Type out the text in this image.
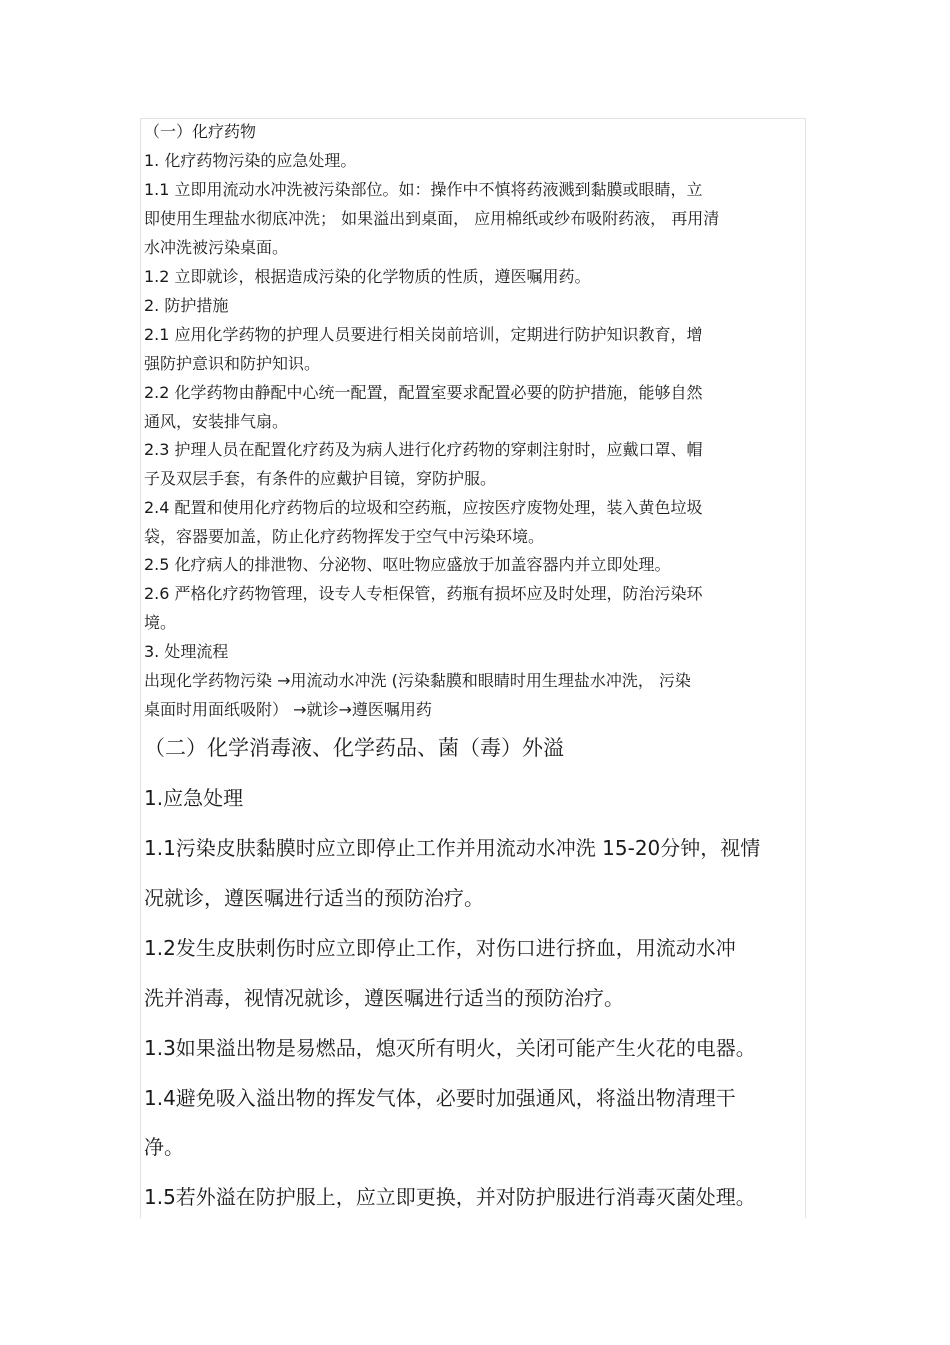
（一）化疗药物
1. 化疗药物污染的应急处理。
1.1 立即用流动水冲洗被污染部位。如：操作中不慎将药液溅到黏膜或眼睛，立
即使用生理盐水彻底冲洗； 如果溢出到桌面， 应用棉纸或纱布吸附药液， 再用清
水冲洗被污染桌面。
1.2 立即就诊，根据造成污染的化学物质的性质，遵医嘱用药。
2. 防护措施
2.1 应用化学药物的护理人员要进行相关岗前培训，定期进行防护知识教育，增
强防护意识和防护知识。
2.2 化学药物由静配中心统一配置，配置室要求配置必要的防护措施，能够自然
通风，安装排气扇。
2.3 护理人员在配置化疗药及为病人进行化疗药物的穿刺注射时，应戴口罩、帽
子及双层手套，有条件的应戴护目镜，穿防护服。
2.4 配置和使用化疗药物后的垃圾和空药瓶，应按医疗废物处理，装入黄色垃圾
袋，容器要加盖，防止化疗药物挥发于空气中污染环境。
2.5 化疗病人的排泄物、分泌物、呕吐物应盛放于加盖容器内并立即处理。
2.6 严格化疗药物管理，设专人专柜保管，药瓶有损坏应及时处理，防治污染环
境。
3. 处理流程
出现化学药物污染 →用流动水冲洗 (污染黏膜和眼睛时用生理盐水冲洗， 污染
桌面时用面纸吸附） →就诊→遵医嘱用药
（二）化学消毒液、化学药品、菌（毒）外溢
1.应急处理
1.1污染皮肤黏膜时应立即停止工作并用流动水冲洗 15-20分钟，视情
况就诊，遵医嘱进行适当的预防治疗。
1.2发生皮肤刺伤时应立即停止工作，对伤口进行挤血，用流动水冲
洗并消毒，视情况就诊，遵医嘱进行适当的预防治疗。
1.3如果溢出物是易燃品，熄灭所有明火，关闭可能产生火花的电器。
1.4避免吸入溢出物的挥发气体，必要时加强通风，将溢出物清理干
净。
1.5若外溢在防护服上，应立即更换，并对防护服进行消毒灭菌处理。
